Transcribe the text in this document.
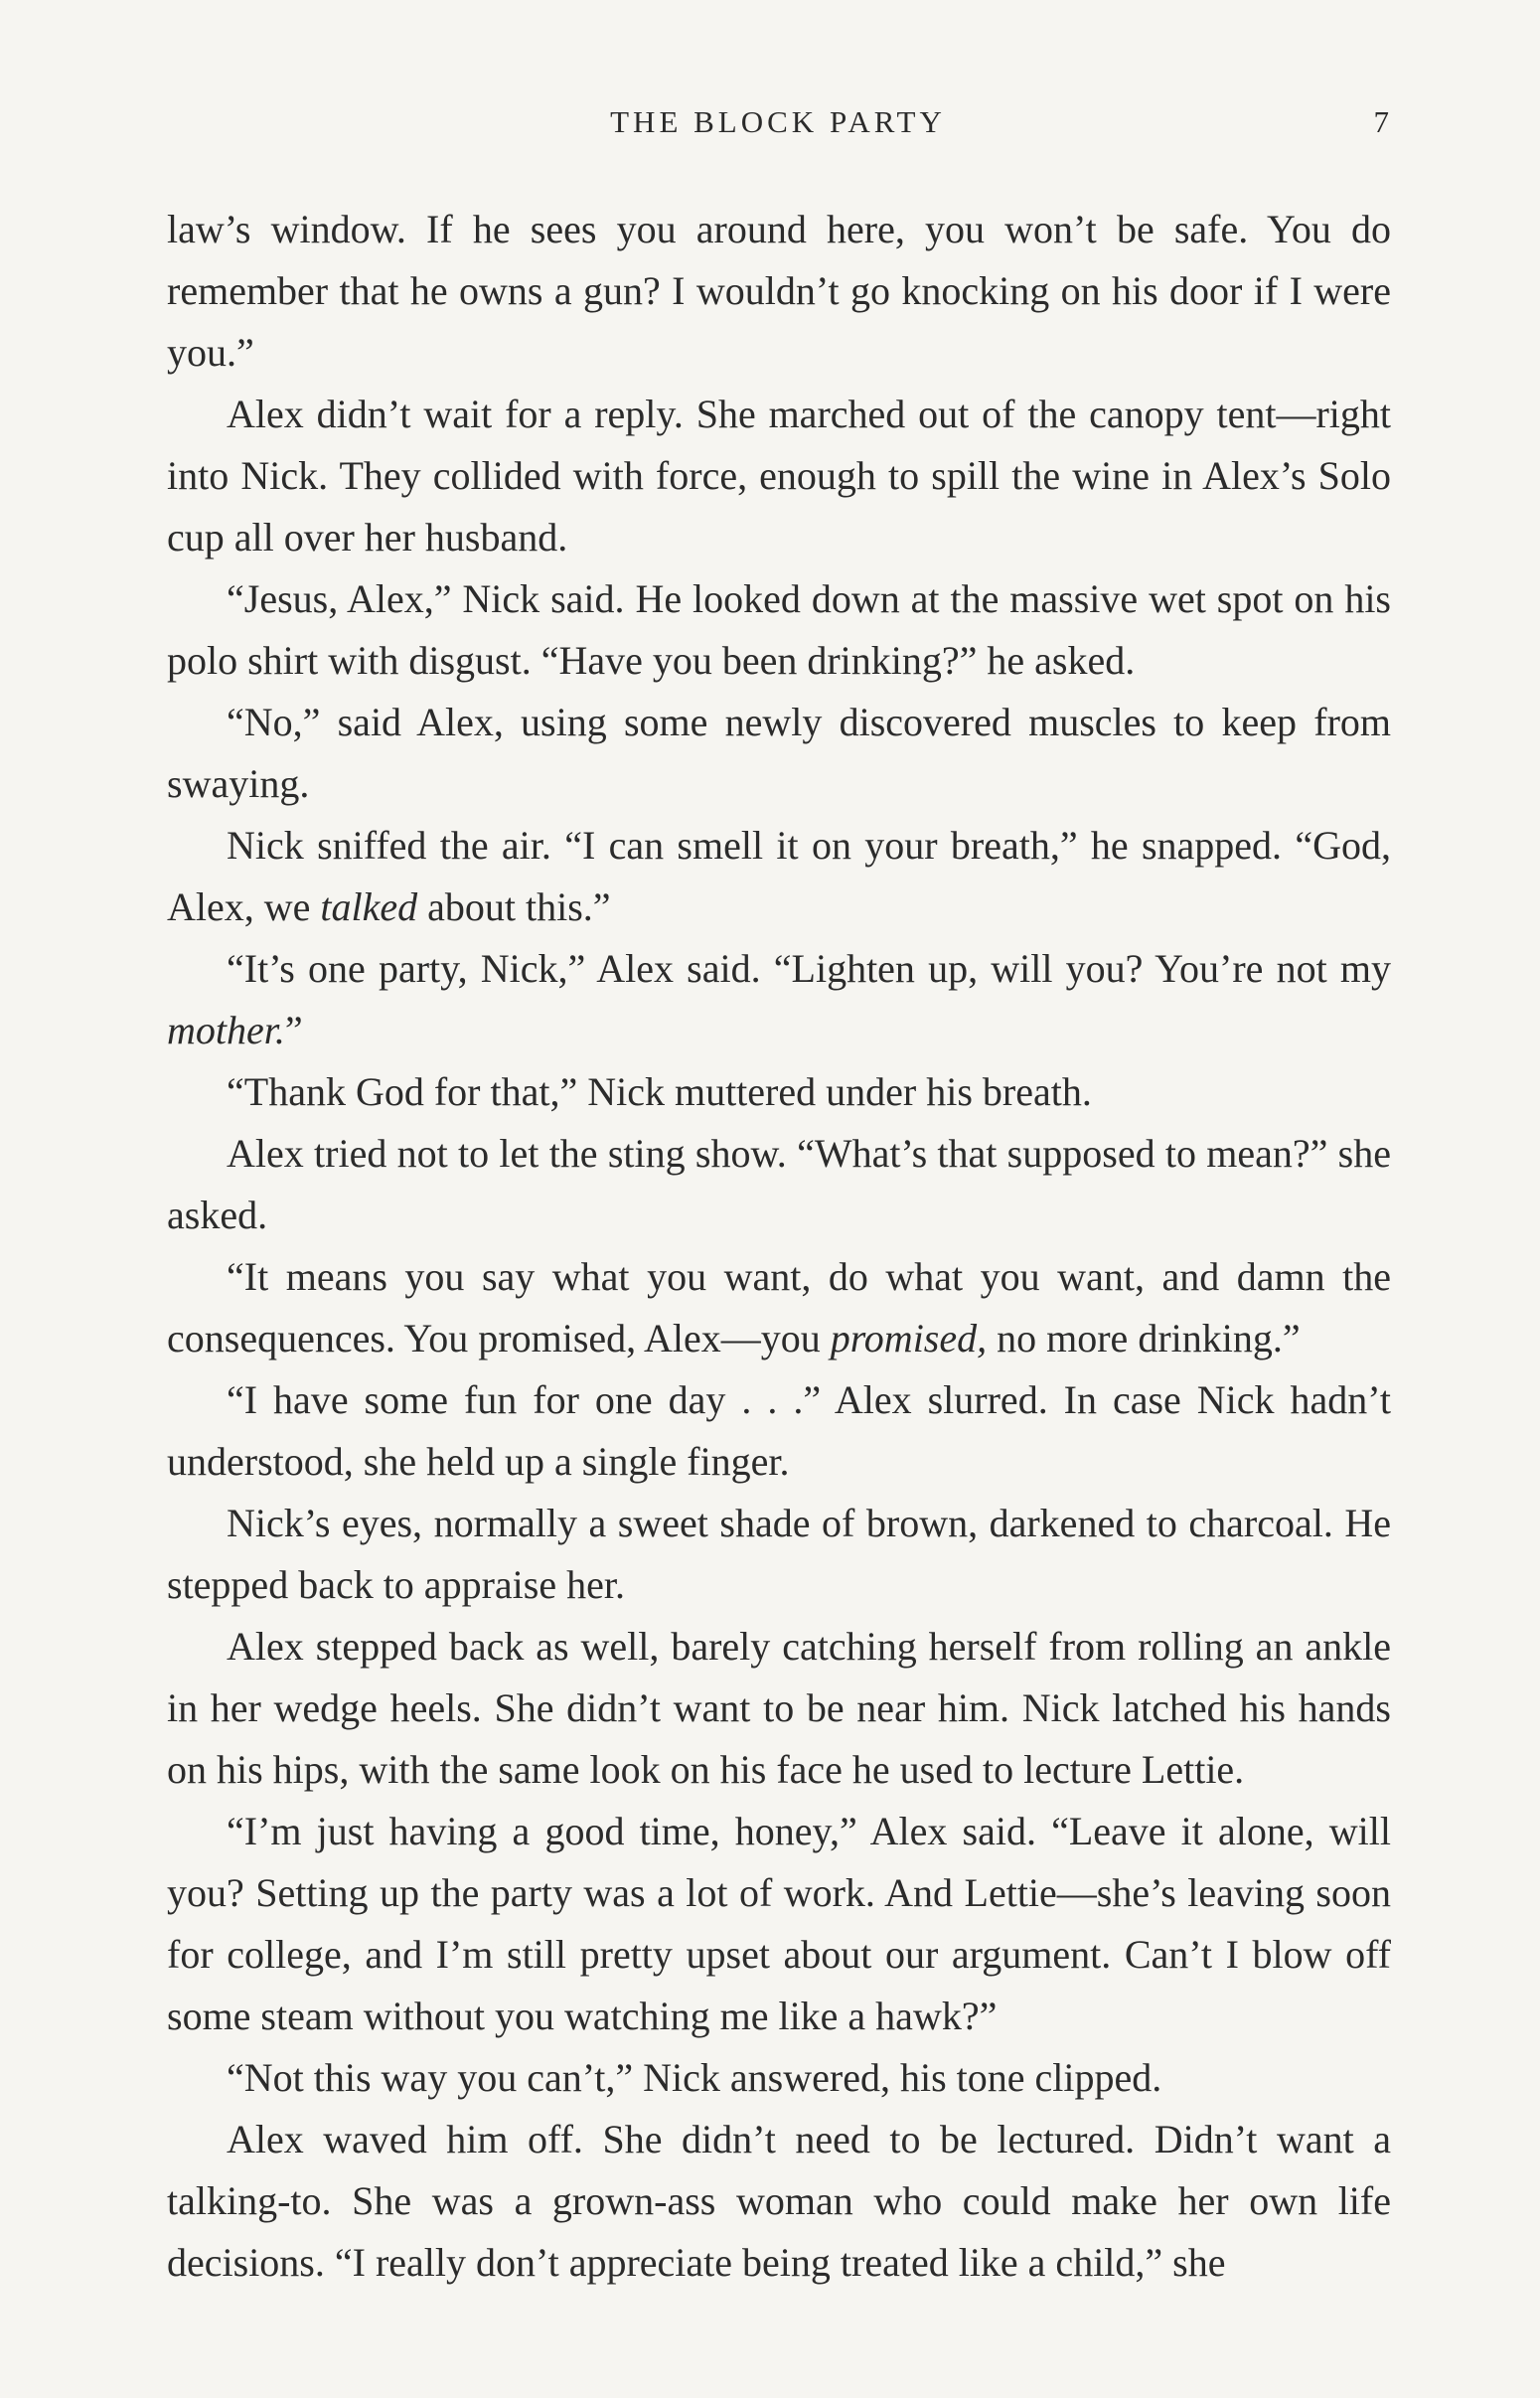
THE BLOCK PARTY	7

law’s window. If he sees you around here, you won’t be safe. You do remember that he owns a gun? I wouldn’t go knocking on his door if I were you.”

Alex didn’t wait for a reply. She marched out of the canopy tent—right into Nick. They collided with force, enough to spill the wine in Alex’s Solo cup all over her husband.

“Jesus, Alex,” Nick said. He looked down at the massive wet spot on his polo shirt with disgust. “Have you been drinking?” he asked.

“No,” said Alex, using some newly discovered muscles to keep from swaying.

Nick sniffed the air. “I can smell it on your breath,” he snapped. “God, Alex, we talked about this.”

“It’s one party, Nick,” Alex said. “Lighten up, will you? You’re not my mother.”

“Thank God for that,” Nick muttered under his breath.

Alex tried not to let the sting show. “What’s that supposed to mean?” she asked.

“It means you say what you want, do what you want, and damn the consequences. You promised, Alex—you promised, no more drinking.”

“I have some fun for one day . . .” Alex slurred. In case Nick hadn’t understood, she held up a single finger.

Nick’s eyes, normally a sweet shade of brown, darkened to charcoal. He stepped back to appraise her.

Alex stepped back as well, barely catching herself from rolling an ankle in her wedge heels. She didn’t want to be near him. Nick latched his hands on his hips, with the same look on his face he used to lecture Lettie.

“I’m just having a good time, honey,” Alex said. “Leave it alone, will you? Setting up the party was a lot of work. And Lettie—she’s leaving soon for college, and I’m still pretty upset about our argument. Can’t I blow off some steam without you watching me like a hawk?”

“Not this way you can’t,” Nick answered, his tone clipped.

Alex waved him off. She didn’t need to be lectured. Didn’t want a talking-to. She was a grown-ass woman who could make her own life decisions. “I really don’t appreciate being treated like a child,” she
